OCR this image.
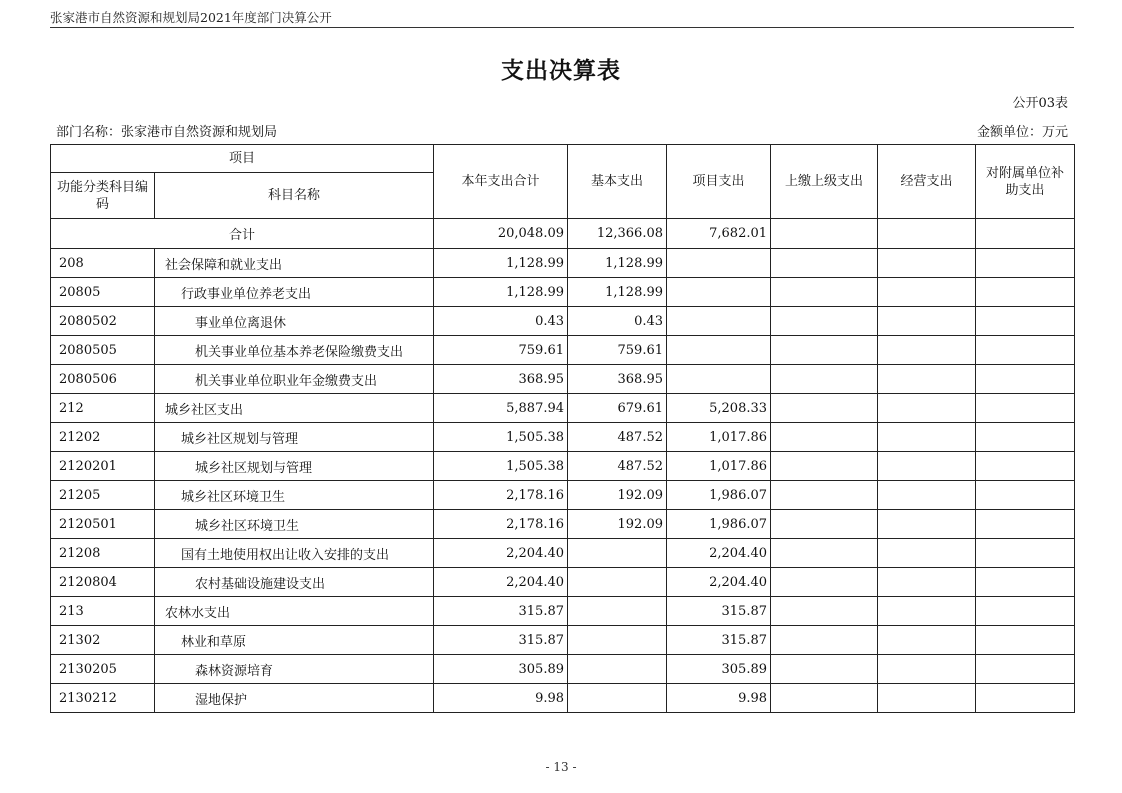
张家港市自然资源和规划局2021年度部门决算公开
支出决算表
公开03表
部门名称：张家港市自然资源和规划局	金额单位：万元
项目		本年支出合计	基本支出	项目支出	上缴上级支出	经营支出	对附属单位补助支出
功能分类科目编码	科目名称						
合计		20,048.09	12,366.08	7,682.01			
208	社会保障和就业支出	1,128.99	1,128.99				
20805	行政事业单位养老支出	1,128.99	1,128.99				
2080502	事业单位离退休	0.43	0.43				
2080505	机关事业单位基本养老保险缴费支出	759.61	759.61				
2080506	机关事业单位职业年金缴费支出	368.95	368.95				
212	城乡社区支出	5,887.94	679.61	5,208.33			
21202	城乡社区规划与管理	1,505.38	487.52	1,017.86			
2120201	城乡社区规划与管理	1,505.38	487.52	1,017.86			
21205	城乡社区环境卫生	2,178.16	192.09	1,986.07			
2120501	城乡社区环境卫生	2,178.16	192.09	1,986.07			
21208	国有土地使用权出让收入安排的支出	2,204.40		2,204.40			
2120804	农村基础设施建设支出	2,204.40		2,204.40			
213	农林水支出	315.87		315.87			
21302	林业和草原	315.87		315.87			
2130205	森林资源培育	305.89		305.89			
2130212	湿地保护	9.98		9.98			
- 13 -
